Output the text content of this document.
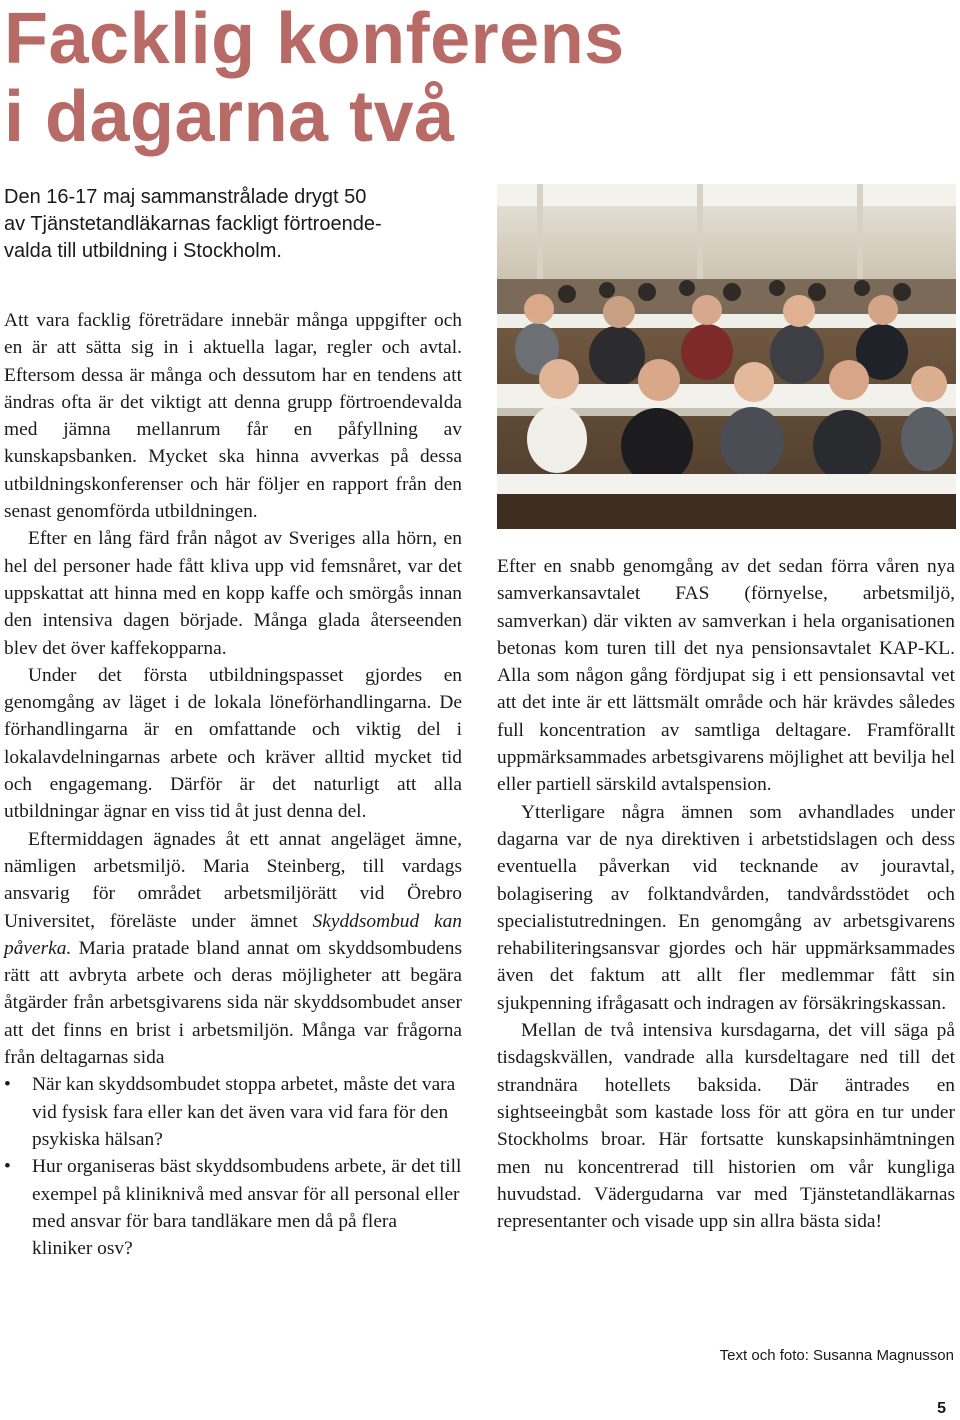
Facklig konferens
i dagarna två
Den 16-17 maj sammanstrålade drygt 50
av Tjänstetandläkarnas fackligt förtroende-
valda till utbildning i Stockholm.

Att vara facklig företrädare innebär många uppgifter och en är att sätta sig in i aktuella lagar, regler och avtal. Eftersom dessa är många och dessutom har en tendens att ändras ofta är det viktigt att denna grupp förtroendevalda med jämna mellanrum får en påfyllning av kunskapsbanken. Mycket ska hinna avverkas på dessa utbildningskonferenser och här följer en rapport från den senast genomförda utbildningen.

Efter en lång färd från något av Sveriges alla hörn, en hel del personer hade fått kliva upp vid femsnåret, var det uppskattat att hinna med en kopp kaffe och smörgås innan den intensiva dagen började. Många glada återseenden blev det över kaffekopparna.

Under det första utbildningspasset gjordes en genomgång av läget i de lokala löneförhandlingarna. De förhandlingarna är en omfattande och viktig del i lokalavdelningarnas arbete och kräver alltid mycket tid och engagemang. Därför är det naturligt att alla utbildningar ägnar en viss tid åt just denna del.

Eftermiddagen ägnades åt ett annat angeläget ämne, nämligen arbetsmiljö. Maria Steinberg, till vardags ansvarig för området arbetsmiljörätt vid Örebro Universitet, föreläste under ämnet Skyddsombud kan påverka. Maria pratade bland annat om skyddsombudens rätt att avbryta arbete och deras möjligheter att begära åtgärder från arbetsgivarens sida när skyddsombudet anser att det finns en brist i arbetsmiljön. Många var frågorna från deltagarnas sida

• När kan skyddsombudet stoppa arbetet, måste det vara vid fysisk fara eller kan det även vara vid fara för den psykiska hälsan?
• Hur organiseras bäst skyddsombudens arbete, är det till exempel på kliniknivå med ansvar för all personal eller med ansvar för bara tandläkare men då på flera kliniker osv?

Efter en snabb genomgång av det sedan förra våren nya samverkansavtalet FAS (förnyelse, arbetsmiljö, samverkan) där vikten av samverkan i hela organisationen betonas kom turen till det nya pensionsavtalet KAP-KL. Alla som någon gång fördjupat sig i ett pensionsavtal vet att det inte är ett lättsmält område och här krävdes således full koncentration av samtliga deltagare. Framförallt uppmärksammades arbetsgivarens möjlighet att bevilja hel eller partiell särskild avtalspension.

Ytterligare några ämnen som avhandlades under dagarna var de nya direktiven i arbetstidslagen och dess eventuella påverkan vid tecknande av jouravtal, bolagisering av folktandvården, tandvårdsstödet och specialistutredningen. En genomgång av arbetsgivarens rehabiliteringsansvar gjordes och här uppmärksammades även det faktum att allt fler medlemmar fått sin sjukpenning ifrågasatt och indragen av försäkringskassan.

Mellan de två intensiva kursdagarna, det vill säga på tisdagskvällen, vandrade alla kursdeltagare ned till det strandnära hotellets baksida. Där äntrades en sightseeingbåt som kastade loss för att göra en tur under Stockholms broar. Här fortsatte kunskapsinhämtningen men nu koncentrerad till historien om vår kungliga huvudstad. Vädergudarna var med Tjänstetandläkarnas representanter och visade upp sin allra bästa sida!

Text och foto: Susanna Magnusson
5
